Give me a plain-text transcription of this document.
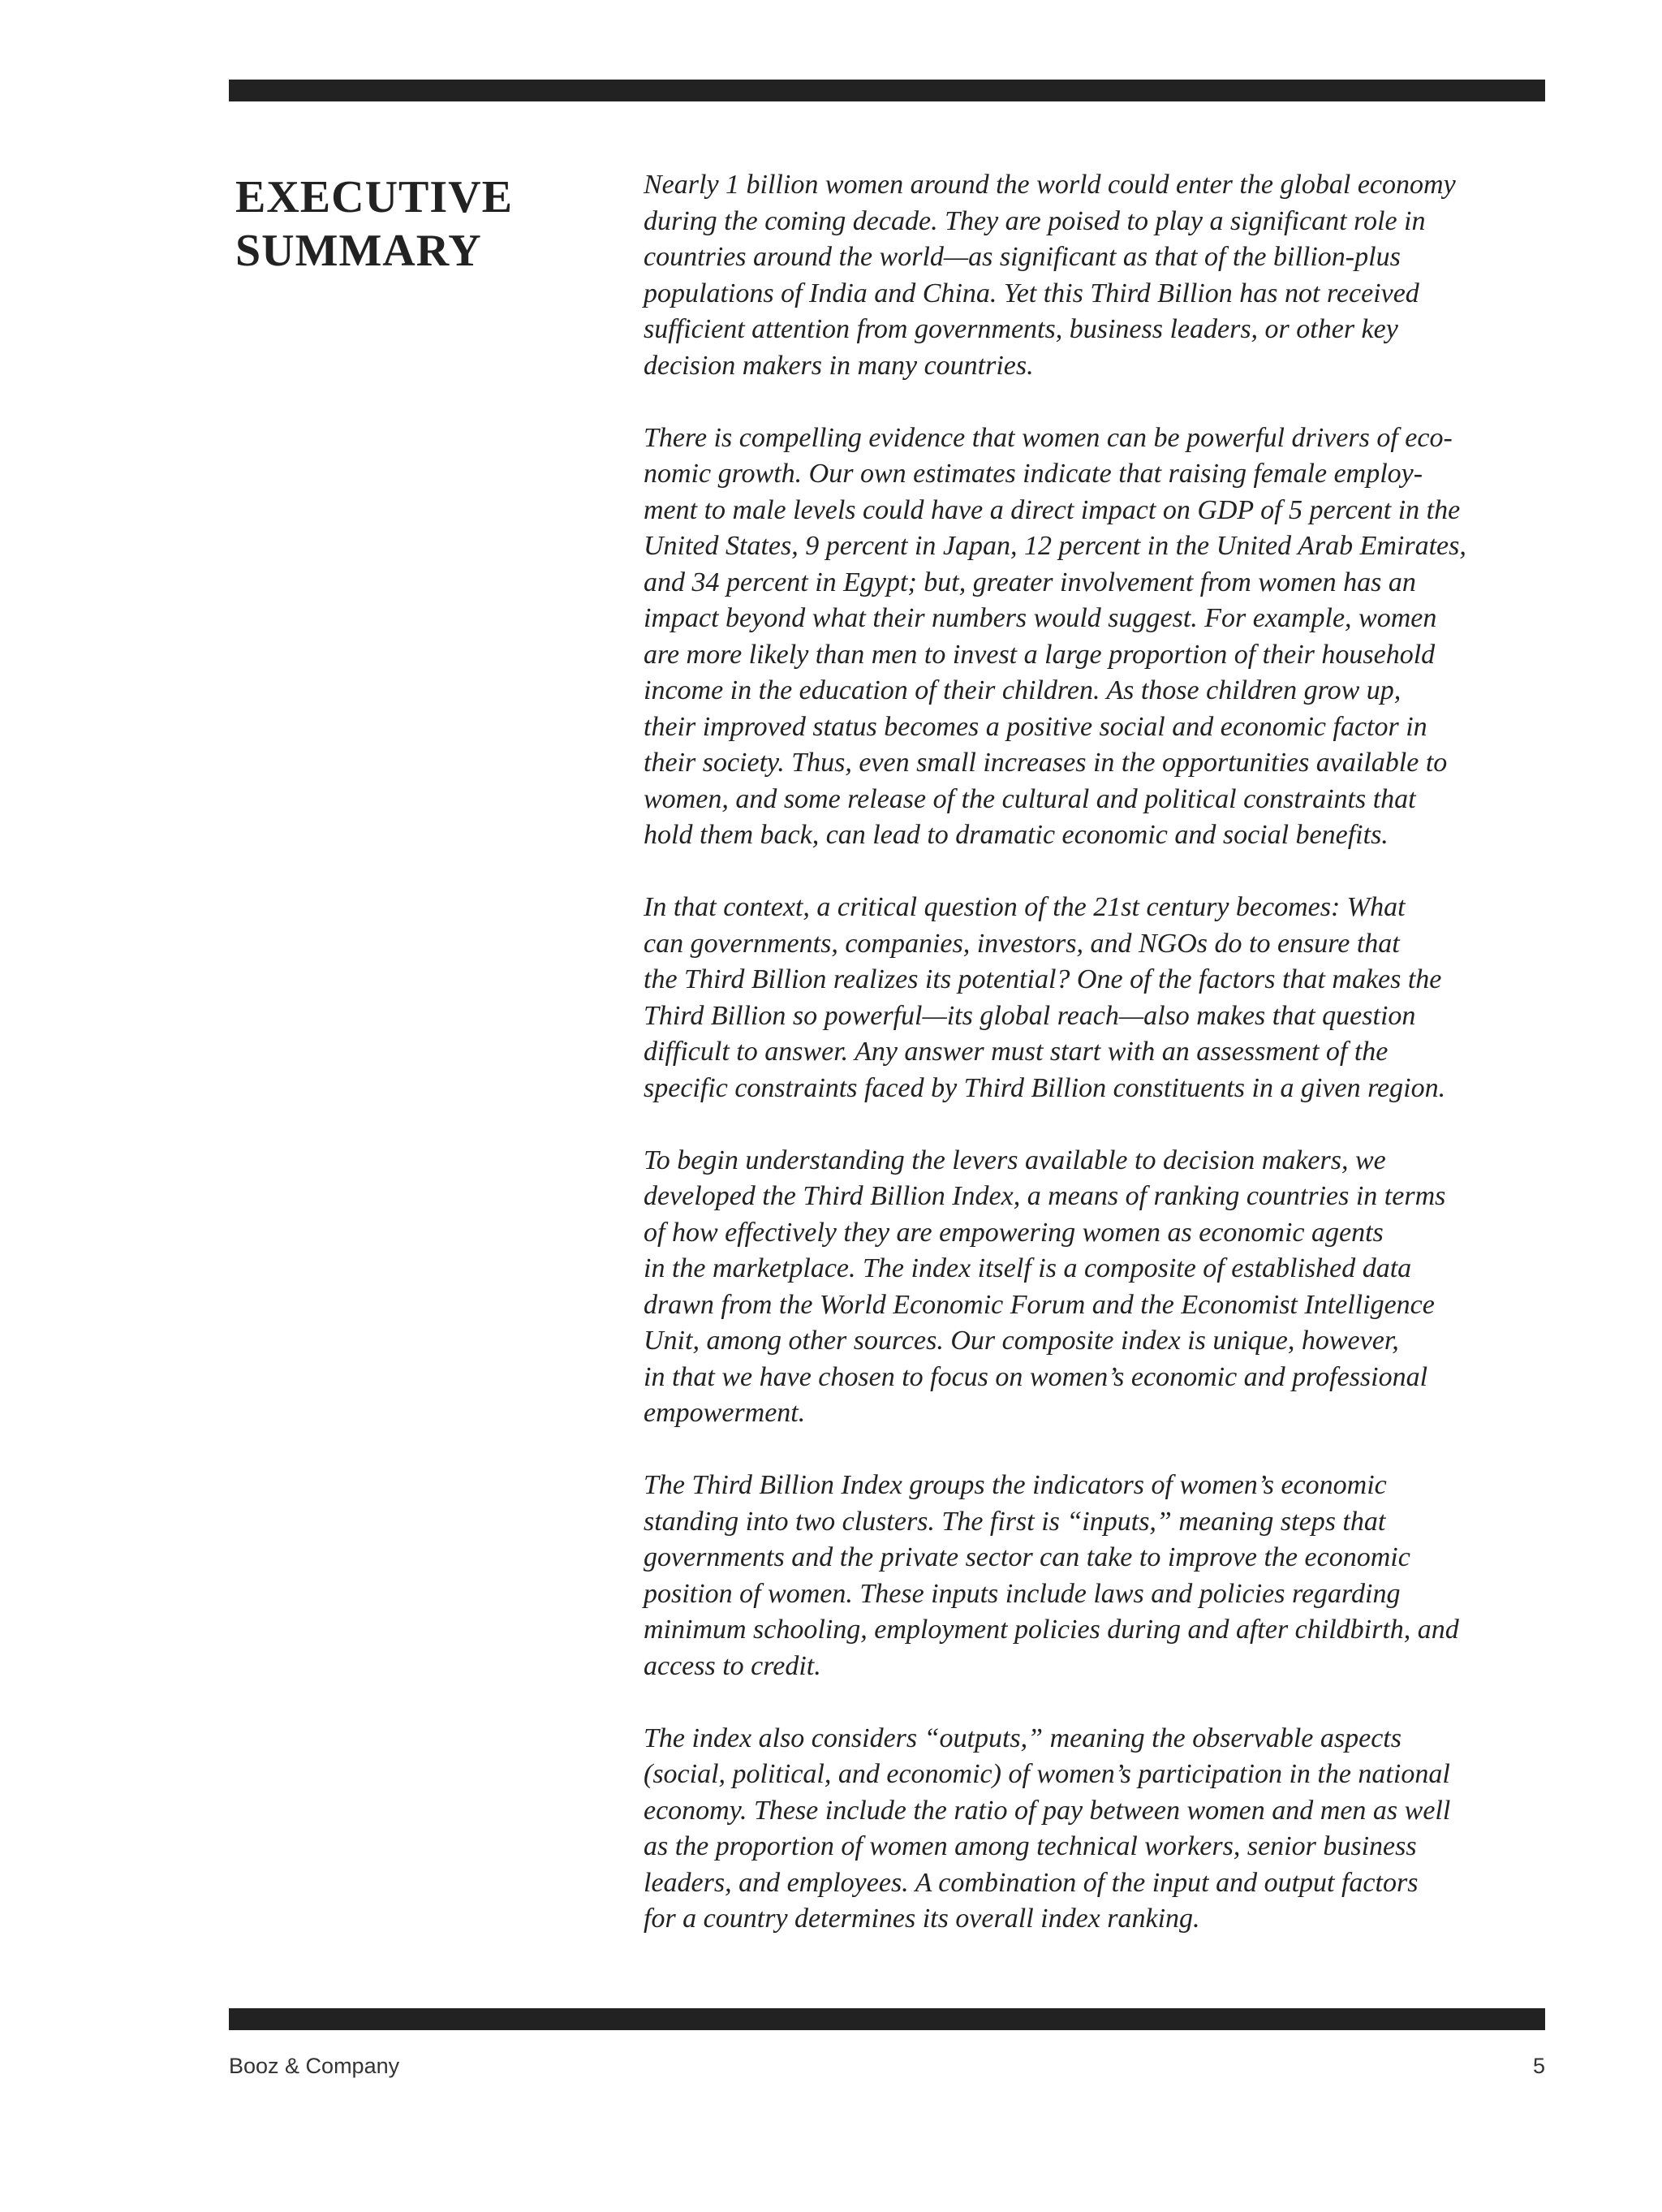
EXECUTIVE
SUMMARY

Nearly 1 billion women around the world could enter the global economy
during the coming decade. They are poised to play a significant role in
countries around the world—as significant as that of the billion-plus
populations of India and China. Yet this Third Billion has not received
sufficient attention from governments, business leaders, or other key
decision makers in many countries.

There is compelling evidence that women can be powerful drivers of eco-
nomic growth. Our own estimates indicate that raising female employ-
ment to male levels could have a direct impact on GDP of 5 percent in the
United States, 9 percent in Japan, 12 percent in the United Arab Emirates,
and 34 percent in Egypt; but, greater involvement from women has an
impact beyond what their numbers would suggest. For example, women
are more likely than men to invest a large proportion of their household
income in the education of their children. As those children grow up,
their improved status becomes a positive social and economic factor in
their society. Thus, even small increases in the opportunities available to
women, and some release of the cultural and political constraints that
hold them back, can lead to dramatic economic and social benefits.

In that context, a critical question of the 21st century becomes: What
can governments, companies, investors, and NGOs do to ensure that
the Third Billion realizes its potential? One of the factors that makes the
Third Billion so powerful—its global reach—also makes that question
difficult to answer. Any answer must start with an assessment of the
specific constraints faced by Third Billion constituents in a given region.

To begin understanding the levers available to decision makers, we
developed the Third Billion Index, a means of ranking countries in terms
of how effectively they are empowering women as economic agents
in the marketplace. The index itself is a composite of established data
drawn from the World Economic Forum and the Economist Intelligence
Unit, among other sources. Our composite index is unique, however,
in that we have chosen to focus on women’s economic and professional
empowerment.

The Third Billion Index groups the indicators of women’s economic
standing into two clusters. The first is “inputs,” meaning steps that
governments and the private sector can take to improve the economic
position of women. These inputs include laws and policies regarding
minimum schooling, employment policies during and after childbirth, and
access to credit.

The index also considers “outputs,” meaning the observable aspects
(social, political, and economic) of women’s participation in the national
economy. These include the ratio of pay between women and men as well
as the proportion of women among technical workers, senior business
leaders, and employees. A combination of the input and output factors
for a country determines its overall index ranking.

Booz & Company	5
